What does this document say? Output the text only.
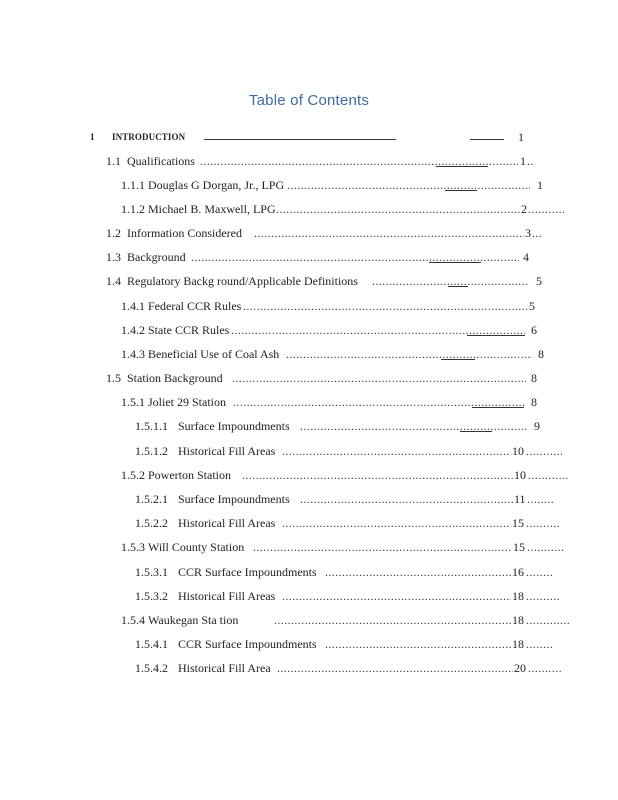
Table of Contents
1 INTRODUCTION	1
1.1 Qualifications .....	1
.....
1.1.1 Douglas G Dorgan, Jr., LPG .....	1
1.1.2 Michael B. Maxwell, LPG .....	2
.....
1.2 Information Considered .....	3
.....
1.3 Background .....	4
1.4 Regulatory Backg round/Applicable Definitions .....	5
1.4.1 Federal CCR Rules .....	5
1.4.2 State CCR Rules .....	6
1.4.3 Beneficial Use of Coal Ash .....	8
1.5 Station Background .....	8
1.5.1 Joliet 29 Station .....	8
1.5.1.1 Surface Impoundments .....	9
1.5.1.2 Historical Fill Areas .....	10
.....
1.5.2 Powerton Station .....	10
.....
1.5.2.1 Surface Impoundments .....	11
.....
1.5.2.2 Historical Fill Areas .....	15
.....
1.5.3 Will County Station .....	15
.....
1.5.3.1 CCR Surface Impoundments .....	16
.....
1.5.3.2 Historical Fill Areas .....	18
.....
1.5.4 Waukegan Sta tion .....	18
.....
1.5.4.1 CCR Surface Impoundments .....	18
.....
1.5.4.2 Historical Fill Area .....	20
.....
